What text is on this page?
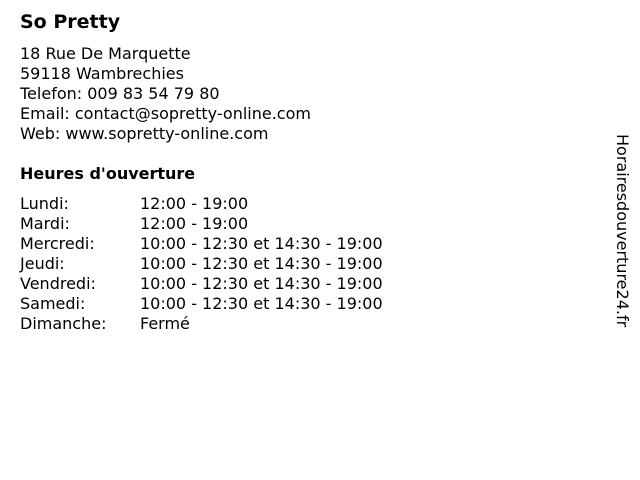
So Pretty
18 Rue De Marquette
59118 Wambrechies
Telefon: 009 83 54 79 80
Email: contact@sopretty-online.com
Web: www.sopretty-online.com
Heures d'ouverture
Lundi:	12:00 - 19:00
Mardi:	12:00 - 19:00
Mercredi:	10:00 - 12:30 et 14:30 - 19:00
Jeudi:	10:00 - 12:30 et 14:30 - 19:00
Vendredi:	10:00 - 12:30 et 14:30 - 19:00
Samedi:	10:00 - 12:30 et 14:30 - 19:00
Dimanche: Fermé	Horairesdouverture24.fr
